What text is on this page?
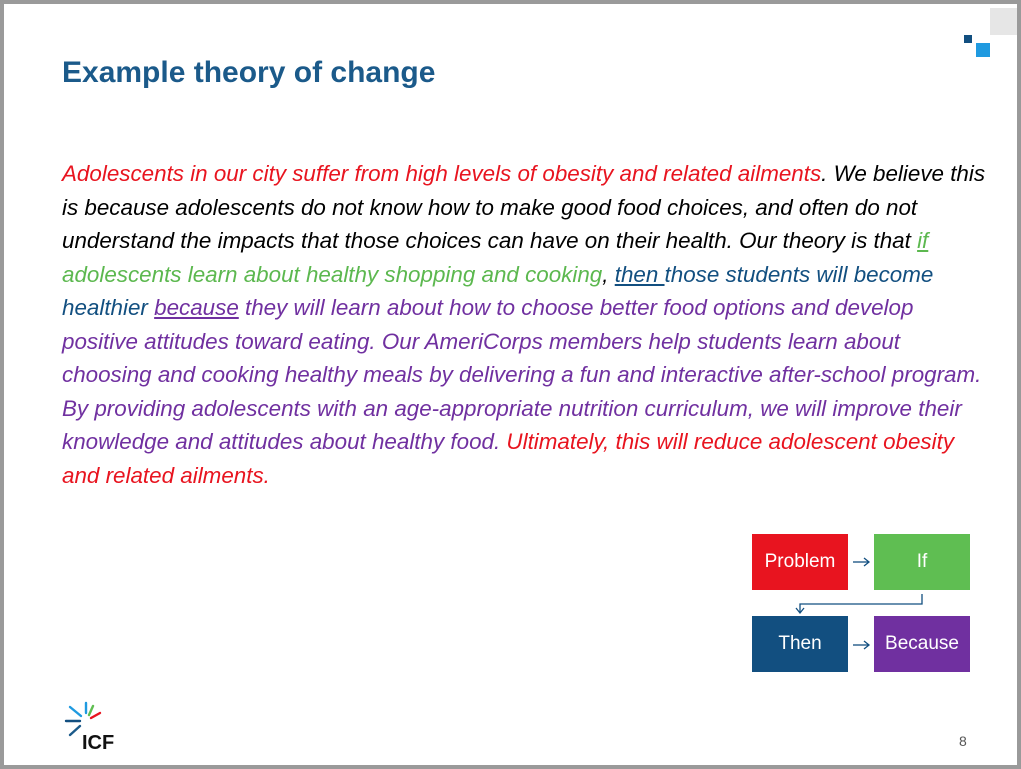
Example theory of change
Adolescents in our city suffer from high levels of obesity and related ailments. We believe this is because adolescents do not know how to make good food choices, and often do not understand the impacts that those choices can have on their health. Our theory is that if adolescents learn about healthy shopping and cooking, then those students will become healthier because they will learn about how to choose better food options and develop positive attitudes toward eating. Our AmeriCorps members help students learn about choosing and cooking healthy meals by delivering a fun and interactive after-school program. By providing adolescents with an age-appropriate nutrition curriculum, we will improve their knowledge and attitudes about healthy food. Ultimately, this will reduce adolescent obesity and related ailments.
Problem	If
Then	Because
ICF	8
